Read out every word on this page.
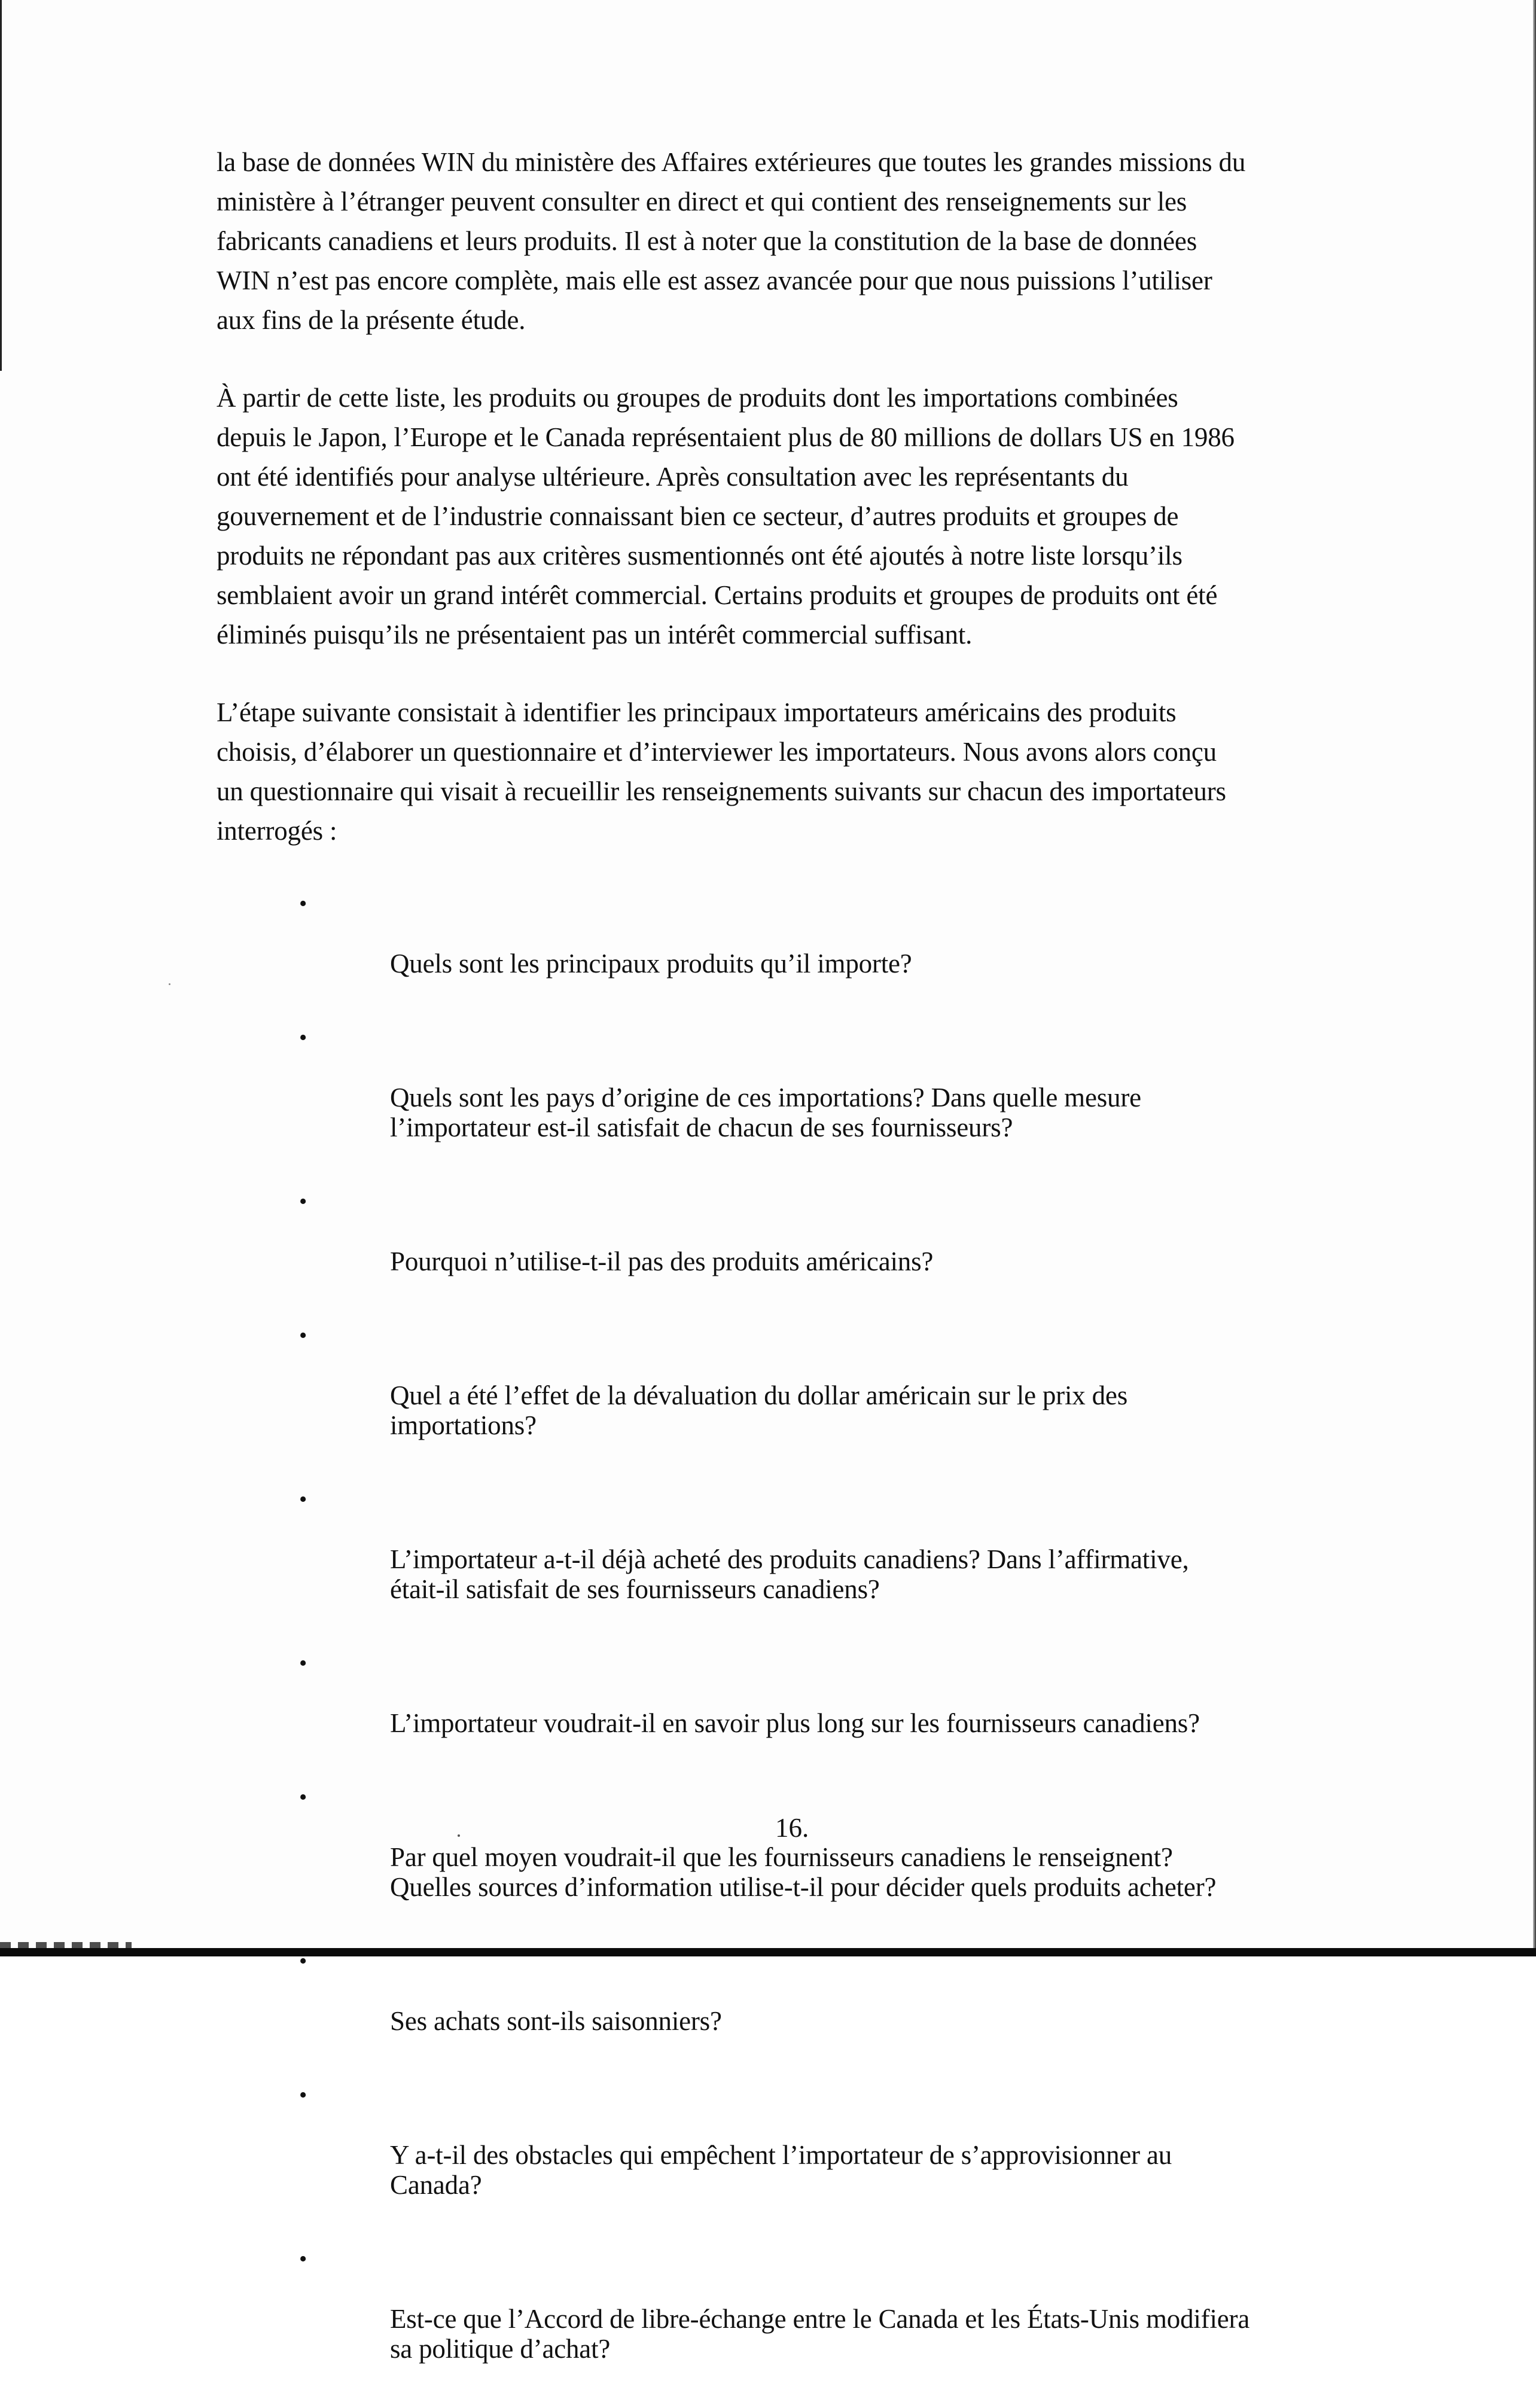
la base de données WIN du ministère des Affaires extérieures que toutes les grandes missions du
ministère à l’étranger peuvent consulter en direct et qui contient des renseignements sur les
fabricants canadiens et leurs produits. Il est à noter que la constitution de la base de données
WIN n’est pas encore complète, mais elle est assez avancée pour que nous puissions l’utiliser
aux fins de la présente étude.

À partir de cette liste, les produits ou groupes de produits dont les importations combinées
depuis le Japon, l’Europe et le Canada représentaient plus de 80 millions de dollars US en 1986
ont été identifiés pour analyse ultérieure. Après consultation avec les représentants du
gouvernement et de l’industrie connaissant bien ce secteur, d’autres produits et groupes de
produits ne répondant pas aux critères susmentionnés ont été ajoutés à notre liste lorsqu’ils
semblaient avoir un grand intérêt commercial. Certains produits et groupes de produits ont été
éliminés puisqu’ils ne présentaient pas un intérêt commercial suffisant.

L’étape suivante consistait à identifier les principaux importateurs américains des produits
choisis, d’élaborer un questionnaire et d’interviewer les importateurs. Nous avons alors conçu
un questionnaire qui visait à recueillir les renseignements suivants sur chacun des importateurs
interrogés :

•

Quels sont les principaux produits qu’il importe?

•

Quels sont les pays d’origine de ces importations? Dans quelle mesure
l’importateur est-il satisfait de chacun de ses fournisseurs?

•

Pourquoi n’utilise-t-il pas des produits américains?

•

Quel a été l’effet de la dévaluation du dollar américain sur le prix des
importations?

•

L’importateur a-t-il déjà acheté des produits canadiens? Dans l’affirmative,
était-il satisfait de ses fournisseurs canadiens?

•

L’importateur voudrait-il en savoir plus long sur les fournisseurs canadiens?

•

Par quel moyen voudrait-il que les fournisseurs canadiens le renseignent?
Quelles sources d’information utilise-t-il pour décider quels produits acheter?

•

Ses achats sont-ils saisonniers?

•

Y a-t-il des obstacles qui empêchent l’importateur de s’approvisionner au
Canada?

•

Est-ce que l’Accord de libre-échange entre le Canada et les États-Unis modifiera
sa politique d’achat?

16.
